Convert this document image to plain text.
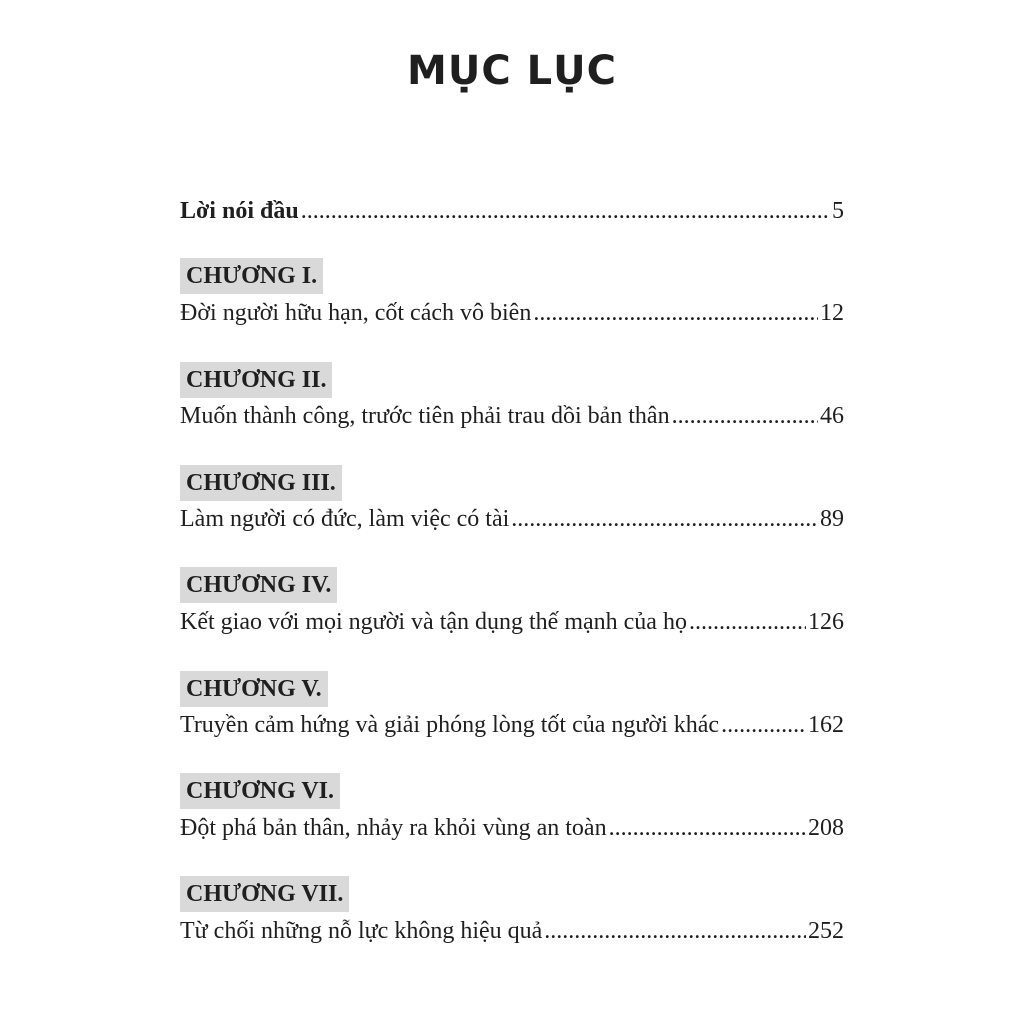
MỤC LỤC
Lời nói đầu .....	5
CHƯƠNG I.
Đời người hữu hạn, cốt cách vô biên .....	12
CHƯƠNG II.
Muốn thành công, trước tiên phải trau dồi bản thân .....	46
CHƯƠNG III.
Làm người có đức, làm việc có tài .....	89
CHƯƠNG IV.
Kết giao với mọi người và tận dụng thế mạnh của họ .....	126
CHƯƠNG V.
Truyền cảm hứng và giải phóng lòng tốt của người khác .....	162
CHƯƠNG VI.
Đột phá bản thân, nhảy ra khỏi vùng an toàn .....	208
CHƯƠNG VII.
Từ chối những nỗ lực không hiệu quả .....	252
